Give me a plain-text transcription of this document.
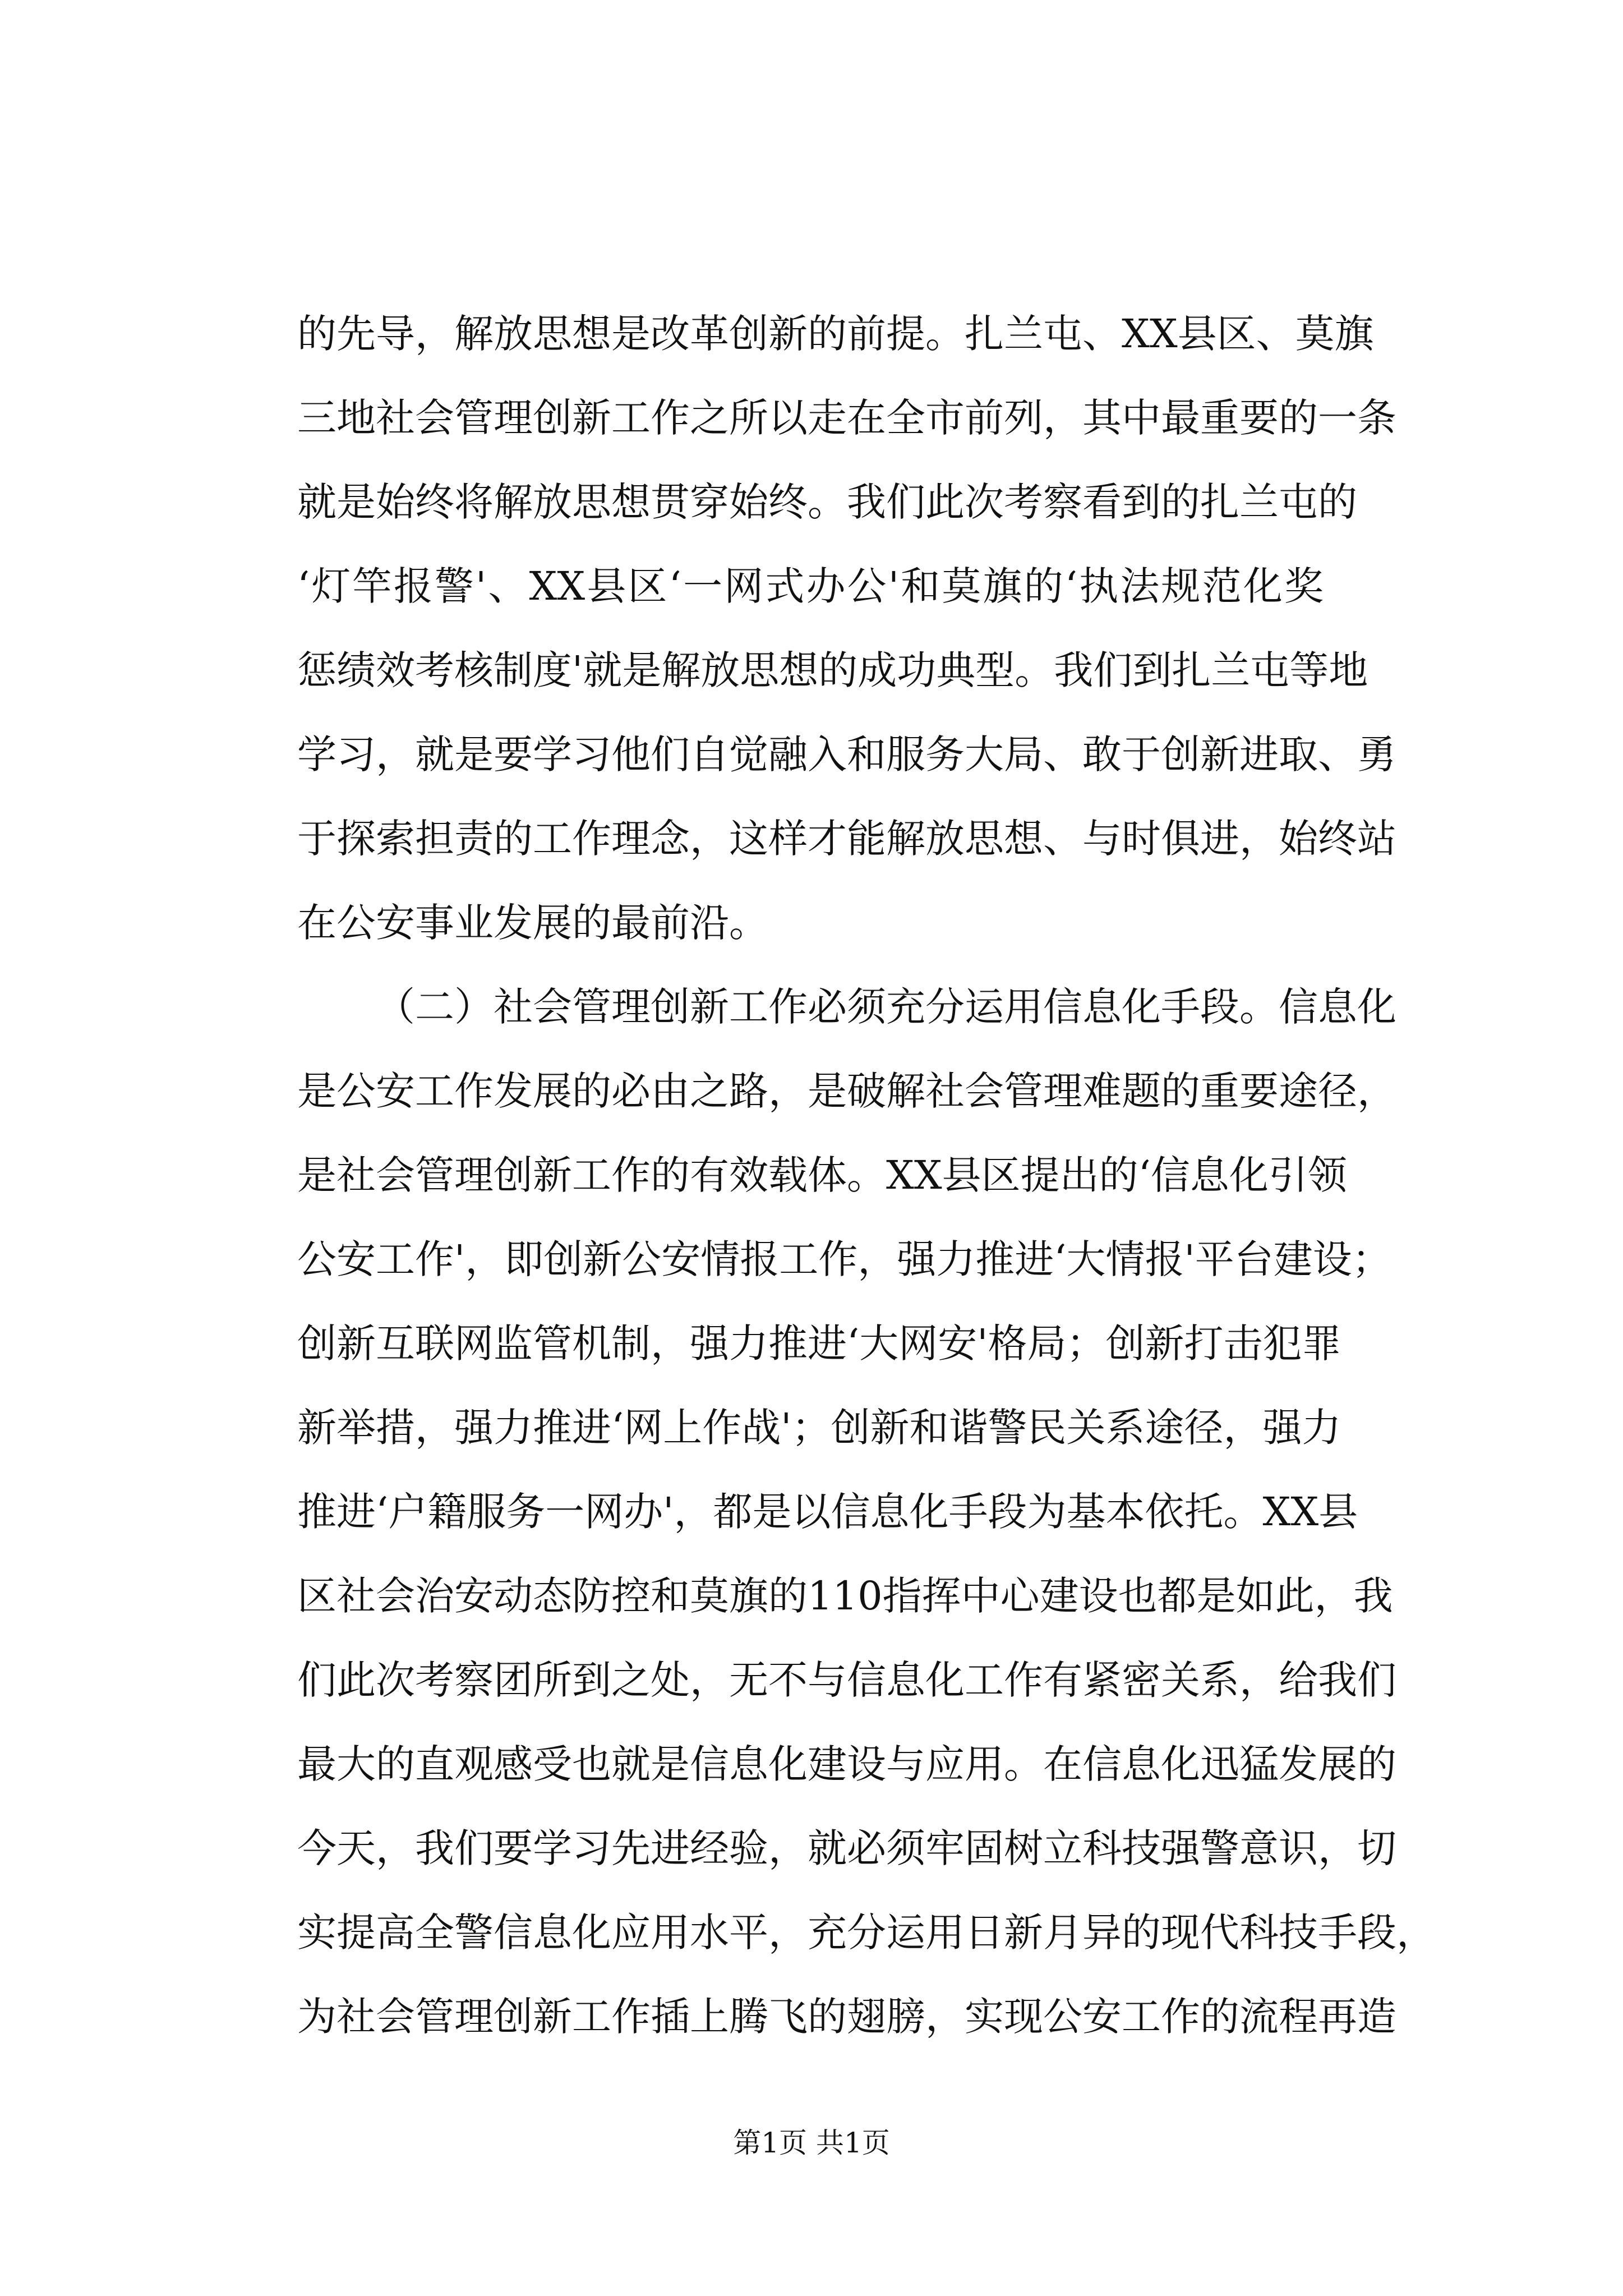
的先导，解放思想是改革创新的前提。扎兰屯、XX县区、莫旗
三地社会管理创新工作之所以走在全市前列，其中最重要的一条
就是始终将解放思想贯穿始终。我们此次考察看到的扎兰屯的
‘灯竿报警'、XX县区‘一网式办公'和莫旗的‘执法规范化奖
惩绩效考核制度'就是解放思想的成功典型。我们到扎兰屯等地
学习，就是要学习他们自觉融入和服务大局、敢于创新进取、勇
于探索担责的工作理念，这样才能解放思想、与时俱进，始终站
在公安事业发展的最前沿。
（二）社会管理创新工作必须充分运用信息化手段。信息化
是公安工作发展的必由之路，是破解社会管理难题的重要途径，
是社会管理创新工作的有效载体。XX县区提出的‘信息化引领
公安工作'，即创新公安情报工作，强力推进‘大情报'平台建设；
创新互联网监管机制，强力推进‘大网安'格局；创新打击犯罪
新举措，强力推进‘网上作战'；创新和谐警民关系途径，强力
推进‘户籍服务一网办'，都是以信息化手段为基本依托。XX县
区社会治安动态防控和莫旗的110指挥中心建设也都是如此，我
们此次考察团所到之处，无不与信息化工作有紧密关系，给我们
最大的直观感受也就是信息化建设与应用。在信息化迅猛发展的
今天，我们要学习先进经验，就必须牢固树立科技强警意识，切
实提高全警信息化应用水平，充分运用日新月异的现代科技手段，
为社会管理创新工作插上腾飞的翅膀，实现公安工作的流程再造
第1页 共1页
